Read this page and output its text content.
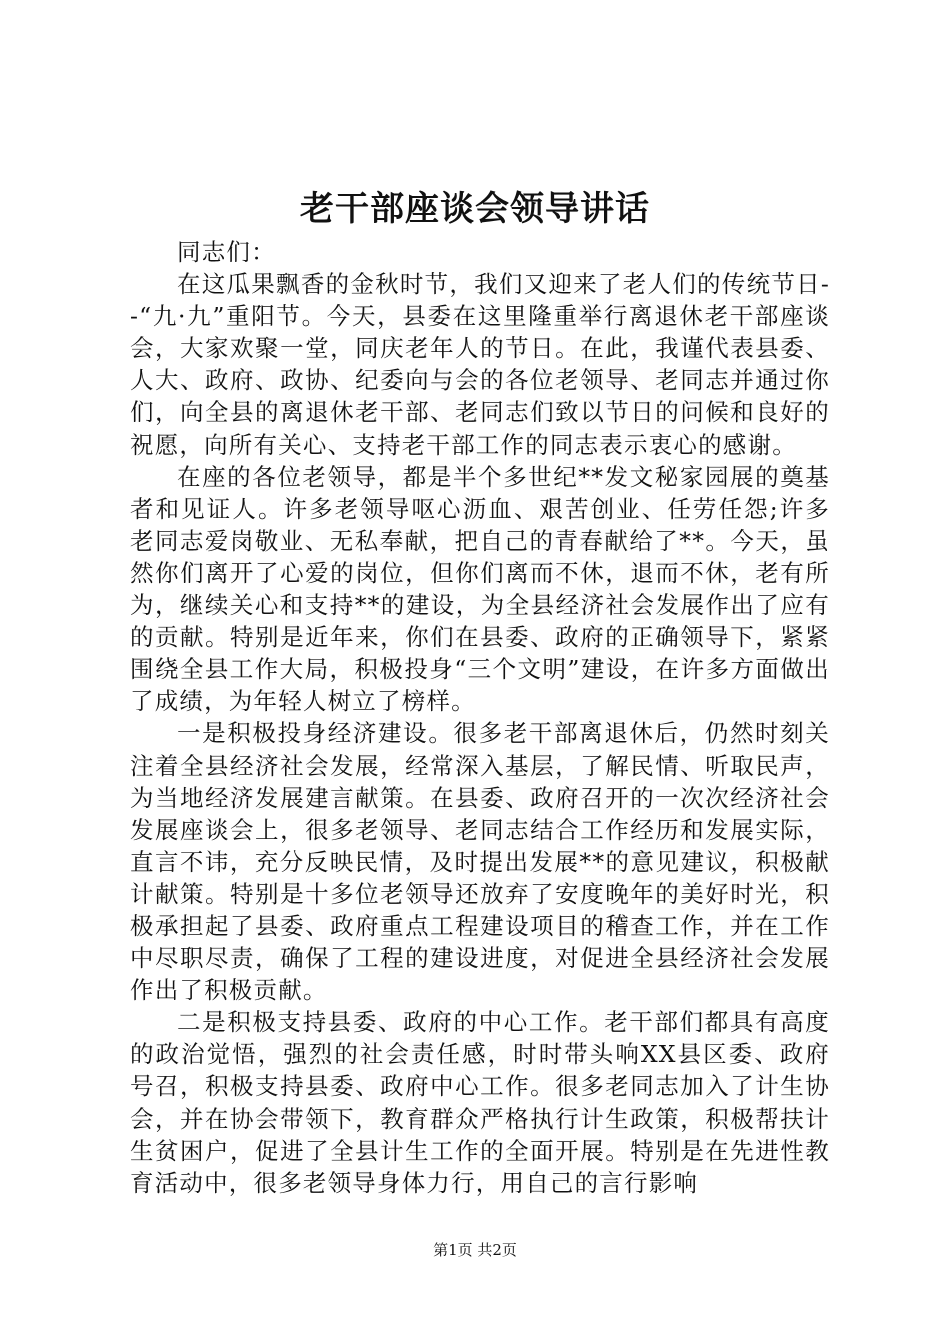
老干部座谈会领导讲话

同志们：

在这瓜果飘香的金秋时节，我们又迎来了老人们的传统节日--“九·九”重阳节。今天，县委在这里隆重举行离退休老干部座谈会，大家欢聚一堂，同庆老年人的节日。在此，我谨代表县委、人大、政府、政协、纪委向与会的各位老领导、老同志并通过你们，向全县的离退休老干部、老同志们致以节日的问候和良好的祝愿，向所有关心、支持老干部工作的同志表示衷心的感谢。

在座的各位老领导，都是半个多世纪**发文秘家园展的奠基者和见证人。许多老领导呕心沥血、艰苦创业、任劳任怨;许多老同志爱岗敬业、无私奉献，把自己的青春献给了**。今天，虽然你们离开了心爱的岗位，但你们离而不休，退而不休，老有所为，继续关心和支持**的建设，为全县经济社会发展作出了应有的贡献。特别是近年来，你们在县委、政府的正确领导下，紧紧围绕全县工作大局，积极投身“三个文明”建设，在许多方面做出了成绩，为年轻人树立了榜样。

一是积极投身经济建设。很多老干部离退休后，仍然时刻关注着全县经济社会发展，经常深入基层，了解民情、听取民声，为当地经济发展建言献策。在县委、政府召开的一次次经济社会发展座谈会上，很多老领导、老同志结合工作经历和发展实际，直言不讳，充分反映民情，及时提出发展**的意见建议，积极献计献策。特别是十多位老领导还放弃了安度晚年的美好时光，积极承担起了县委、政府重点工程建设项目的稽查工作，并在工作中尽职尽责，确保了工程的建设进度，对促进全县经济社会发展作出了积极贡献。

二是积极支持县委、政府的中心工作。老干部们都具有高度的政治觉悟，强烈的社会责任感，时时带头响XX县区委、政府号召，积极支持县委、政府中心工作。很多老同志加入了计生协会，并在协会带领下，教育群众严格执行计生政策，积极帮扶计生贫困户，促进了全县计生工作的全面开展。特别是在先进性教育活动中，很多老领导身体力行，用自己的言行影响

第1页 共2页
